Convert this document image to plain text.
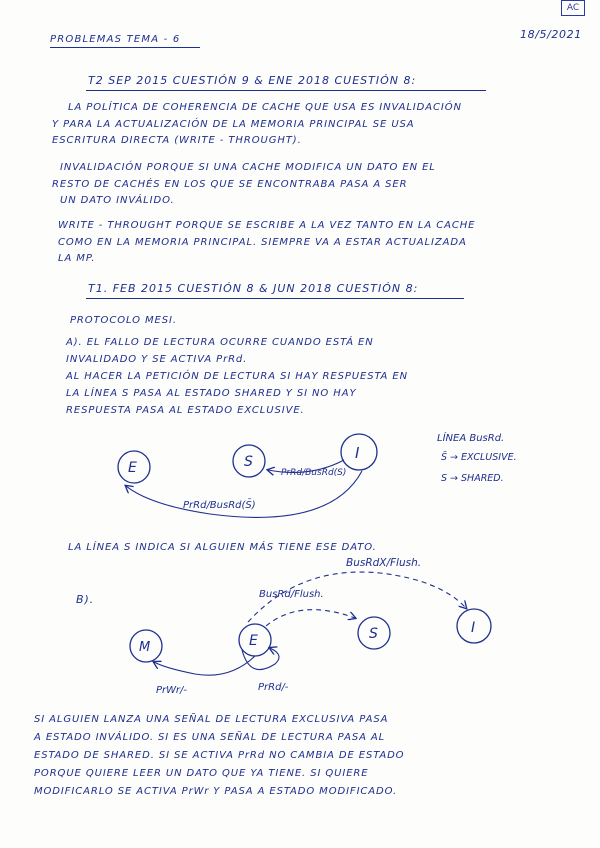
AC
PROBLEMAS TEMA - 6	18/5/2021
T2 SEP 2015 CUESTIÓN 9 & ENE 2018 CUESTIÓN 8:
LA POLÍTICA DE COHERENCIA DE CACHE QUE USA ES INVALIDACIÓN
Y PARA LA ACTUALIZACIÓN DE LA MEMORIA PRINCIPAL SE USA
ESCRITURA DIRECTA (WRITE - THROUGHT).
INVALIDACIÓN PORQUE SI UNA CACHE MODIFICA UN DATO EN EL
RESTO DE CACHÉS EN LOS QUE SE ENCONTRABA PASA A SER
UN DATO INVÁLIDO.
WRITE - THROUGHT PORQUE SE ESCRIBE A LA VEZ TANTO EN LA CACHE
COMO EN LA MEMORIA PRINCIPAL. SIEMPRE VA A ESTAR ACTUALIZADA
LA MP.
T1. FEB 2015 CUESTIÓN 8 & JUN 2018 CUESTIÓN 8:
PROTOCOLO MESI.
A). EL FALLO DE LECTURA OCURRE CUANDO ESTÁ EN
INVALIDADO Y SE ACTIVA PrRd.
AL HACER LA PETICIÓN DE LECTURA SI HAY RESPUESTA EN
LA LÍNEA S PASA AL ESTADO SHARED Y SI NO HAY
RESPUESTA PASA AL ESTADO EXCLUSIVE.
E	S	I
PrRd/BusRd(S)
PrRd/BusRd(S̄)
LÍNEA BusRd.
S̄ → EXCLUSIVE.
S → SHARED.
LA LÍNEA S INDICA SI ALGUIEN MÁS TIENE ESE DATO.
B).
M	E	S	I
BusRdX/Flush.
BusRd/Flush.
PrWr/-	PrRd/-
SI ALGUIEN LANZA UNA SEÑAL DE LECTURA EXCLUSIVA PASA
A ESTADO INVÁLIDO. SI ES UNA SEÑAL DE LECTURA PASA AL
ESTADO DE SHARED. SI SE ACTIVA PrRd NO CAMBIA DE ESTADO
PORQUE QUIERE LEER UN DATO QUE YA TIENE. SI QUIERE
MODIFICARLO SE ACTIVA PrWr Y PASA A ESTADO MODIFICADO.
